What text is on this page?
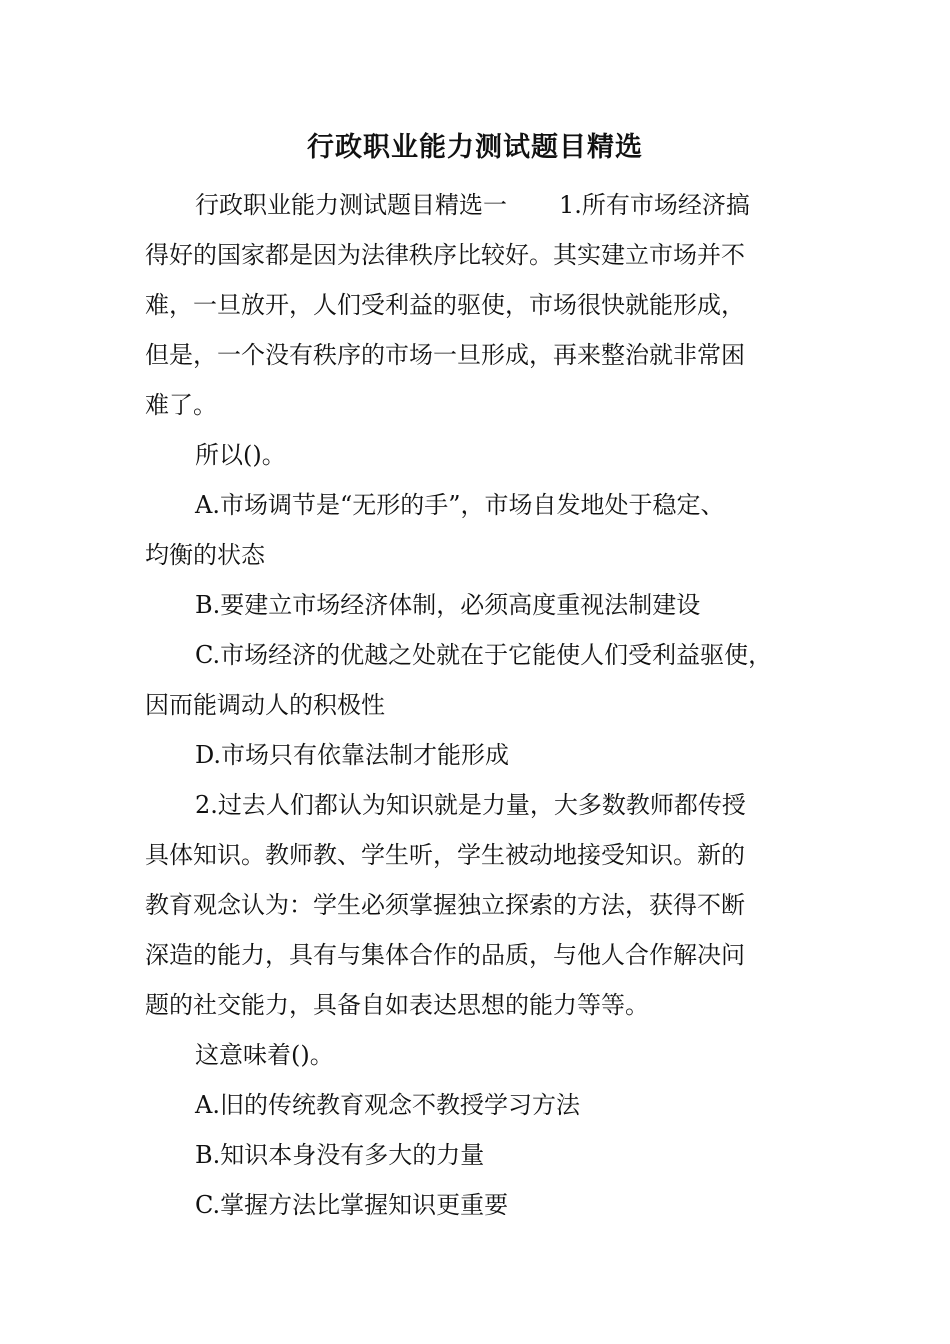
行政职业能力测试题目精选

行政职业能力测试题目精选一 1.所有市场经济搞

得好的国家都是因为法律秩序比较好。其实建立市场并不

难，一旦放开，人们受利益的驱使，市场很快就能形成，

但是，一个没有秩序的市场一旦形成，再来整治就非常困

难了。

所以()。

A.市场调节是“无形的手”，市场自发地处于稳定、

均衡的状态

B.要建立市场经济体制，必须高度重视法制建设

C.市场经济的优越之处就在于它能使人们受利益驱使，

因而能调动人的积极性

D.市场只有依靠法制才能形成

2.过去人们都认为知识就是力量，大多数教师都传授

具体知识。教师教、学生听，学生被动地接受知识。新的

教育观念认为：学生必须掌握独立探索的方法，获得不断

深造的能力，具有与集体合作的品质，与他人合作解决问

题的社交能力，具备自如表达思想的能力等等。

这意味着()。

A.旧的传统教育观念不教授学习方法

B.知识本身没有多大的力量

C.掌握方法比掌握知识更重要
